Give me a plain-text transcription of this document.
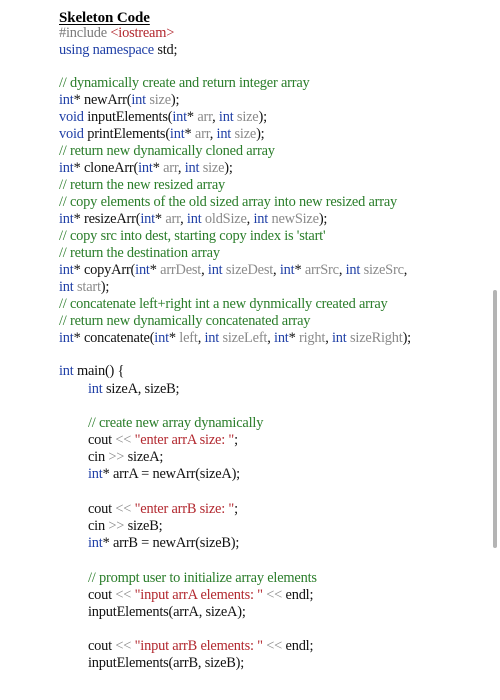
Skeleton Code
#include <iostream>
using namespace std;
// dynamically create and return integer array
int* newArr(int size);
void inputElements(int* arr, int size);
void printElements(int* arr, int size);
// return new dynamically cloned array
int* cloneArr(int* arr, int size);
// return the new resized array
// copy elements of the old sized array into new resized array
int* resizeArr(int* arr, int oldSize, int newSize);
// copy src into dest, starting copy index is 'start'
// return the destination array
int* copyArr(int* arrDest, int sizeDest, int* arrSrc, int sizeSrc,
int start);
// concatenate left+right int a new dynmically created array
// return new dynamically concatenated array
int* concatenate(int* left, int sizeLeft, int* right, int sizeRight);
int main() {
int sizeA, sizeB;
// create new array dynamically
cout << "enter arrA size: ";
cin >> sizeA;
int* arrA = newArr(sizeA);
cout << "enter arrB size: ";
cin >> sizeB;
int* arrB = newArr(sizeB);
// prompt user to initialize array elements
cout << "input arrA elements: " << endl;
inputElements(arrA, sizeA);
cout << "input arrB elements: " << endl;
inputElements(arrB, sizeB);
